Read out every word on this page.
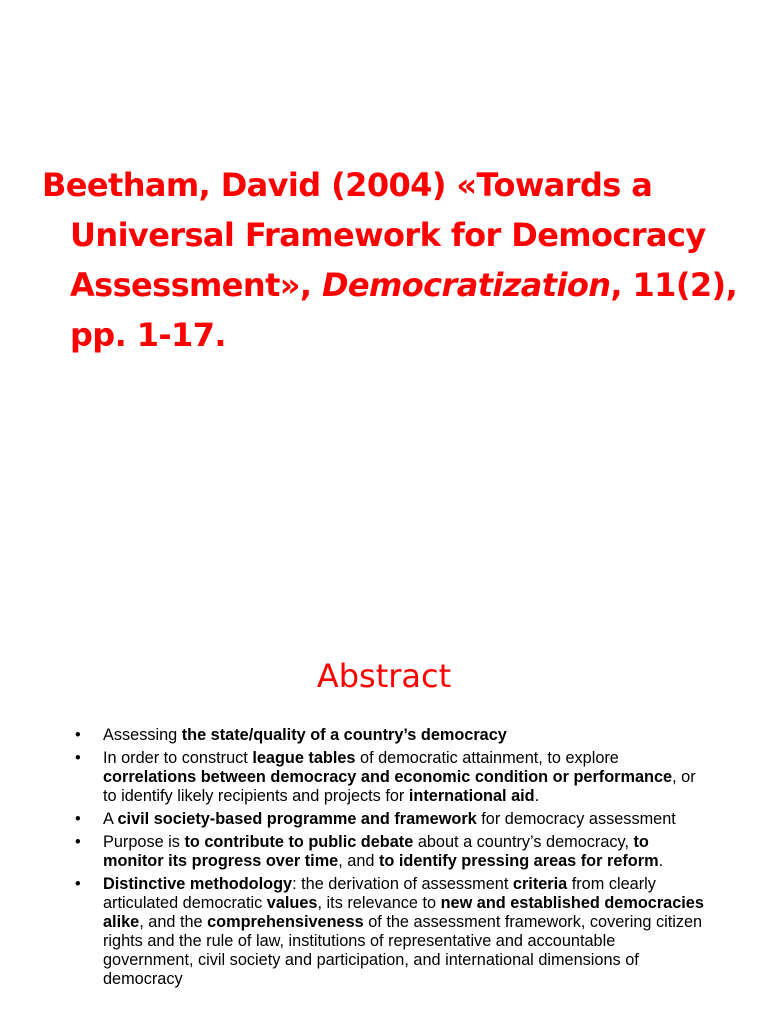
Beetham, David (2004) «Towards a Universal Framework for Democracy Assessment», Democratization, 11(2), pp. 1-17.

Abstract
•	Assessing the state/quality of a country’s democracy
•	In order to construct league tables of democratic attainment, to explore correlations between democracy and economic condition or performance, or to identify likely recipients and projects for international aid.
•	A civil society-based programme and framework for democracy assessment
•	Purpose is to contribute to public debate about a country’s democracy, to monitor its progress over time, and to identify pressing areas for reform.
•	Distinctive methodology: the derivation of assessment criteria from clearly articulated democratic values, its relevance to new and established democracies alike, and the comprehensiveness of the assessment framework, covering citizen rights and the rule of law, institutions of representative and accountable government, civil society and participation, and international dimensions of democracy
